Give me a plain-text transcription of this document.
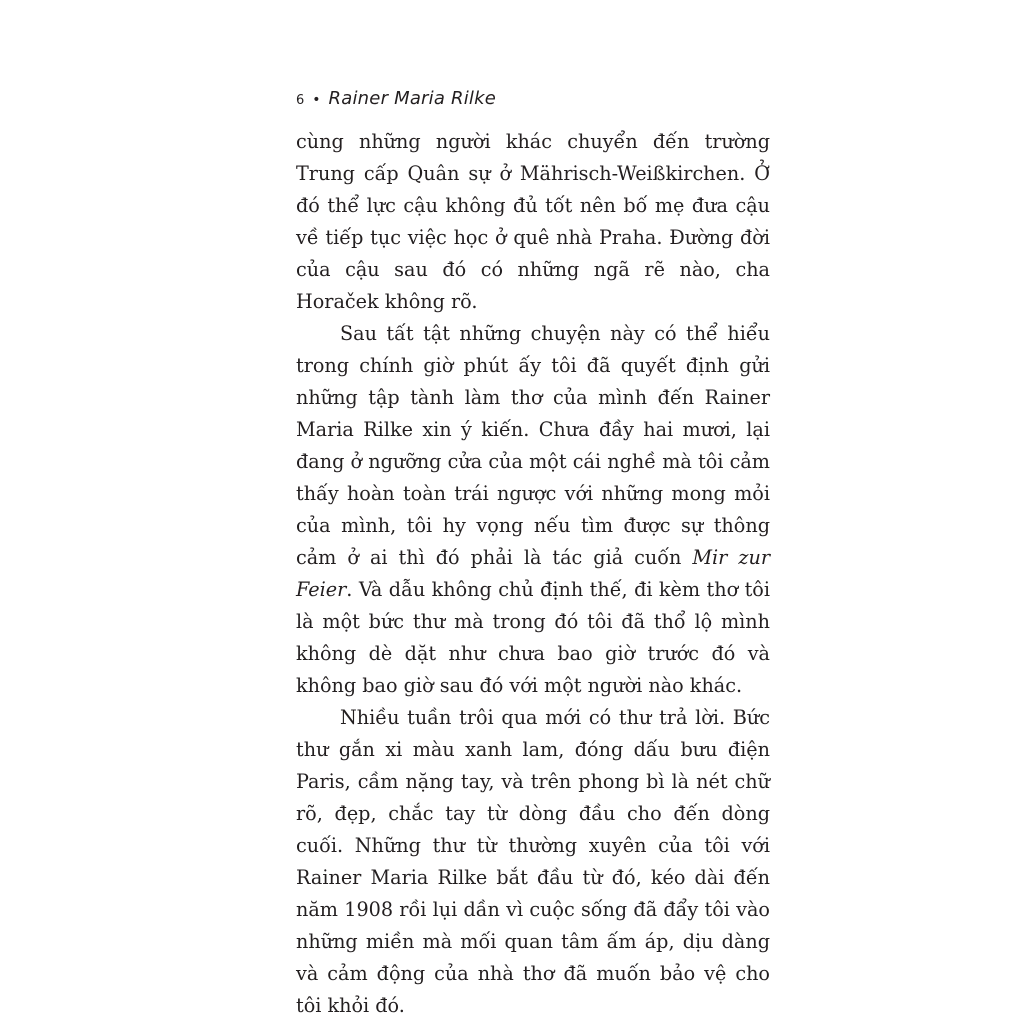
6 • Rainer Maria Rilke

cùng những người khác chuyển đến trường Trung cấp Quân sự ở Mährisch-Weißkirchen. Ở đó thể lực cậu không đủ tốt nên bố mẹ đưa cậu về tiếp tục việc học ở quê nhà Praha. Đường đời của cậu sau đó có những ngã rẽ nào, cha Horaček không rõ.

Sau tất tật những chuyện này có thể hiểu trong chính giờ phút ấy tôi đã quyết định gửi những tập tành làm thơ của mình đến Rainer Maria Rilke xin ý kiến. Chưa đầy hai mươi, lại đang ở ngưỡng cửa của một cái nghề mà tôi cảm thấy hoàn toàn trái ngược với những mong mỏi của mình, tôi hy vọng nếu tìm được sự thông cảm ở ai thì đó phải là tác giả cuốn Mir zur Feier. Và dẫu không chủ định thế, đi kèm thơ tôi là một bức thư mà trong đó tôi đã thổ lộ mình không dè dặt như chưa bao giờ trước đó và không bao giờ sau đó với một người nào khác.

Nhiều tuần trôi qua mới có thư trả lời. Bức thư gắn xi màu xanh lam, đóng dấu bưu điện Paris, cầm nặng tay, và trên phong bì là nét chữ rõ, đẹp, chắc tay từ dòng đầu cho đến dòng cuối. Những thư từ thường xuyên của tôi với Rainer Maria Rilke bắt đầu từ đó, kéo dài đến năm 1908 rồi lụi dần vì cuộc sống đã đẩy tôi vào những miền mà mối quan tâm ấm áp, dịu dàng và cảm động của nhà thơ đã muốn bảo vệ cho tôi khỏi đó.
